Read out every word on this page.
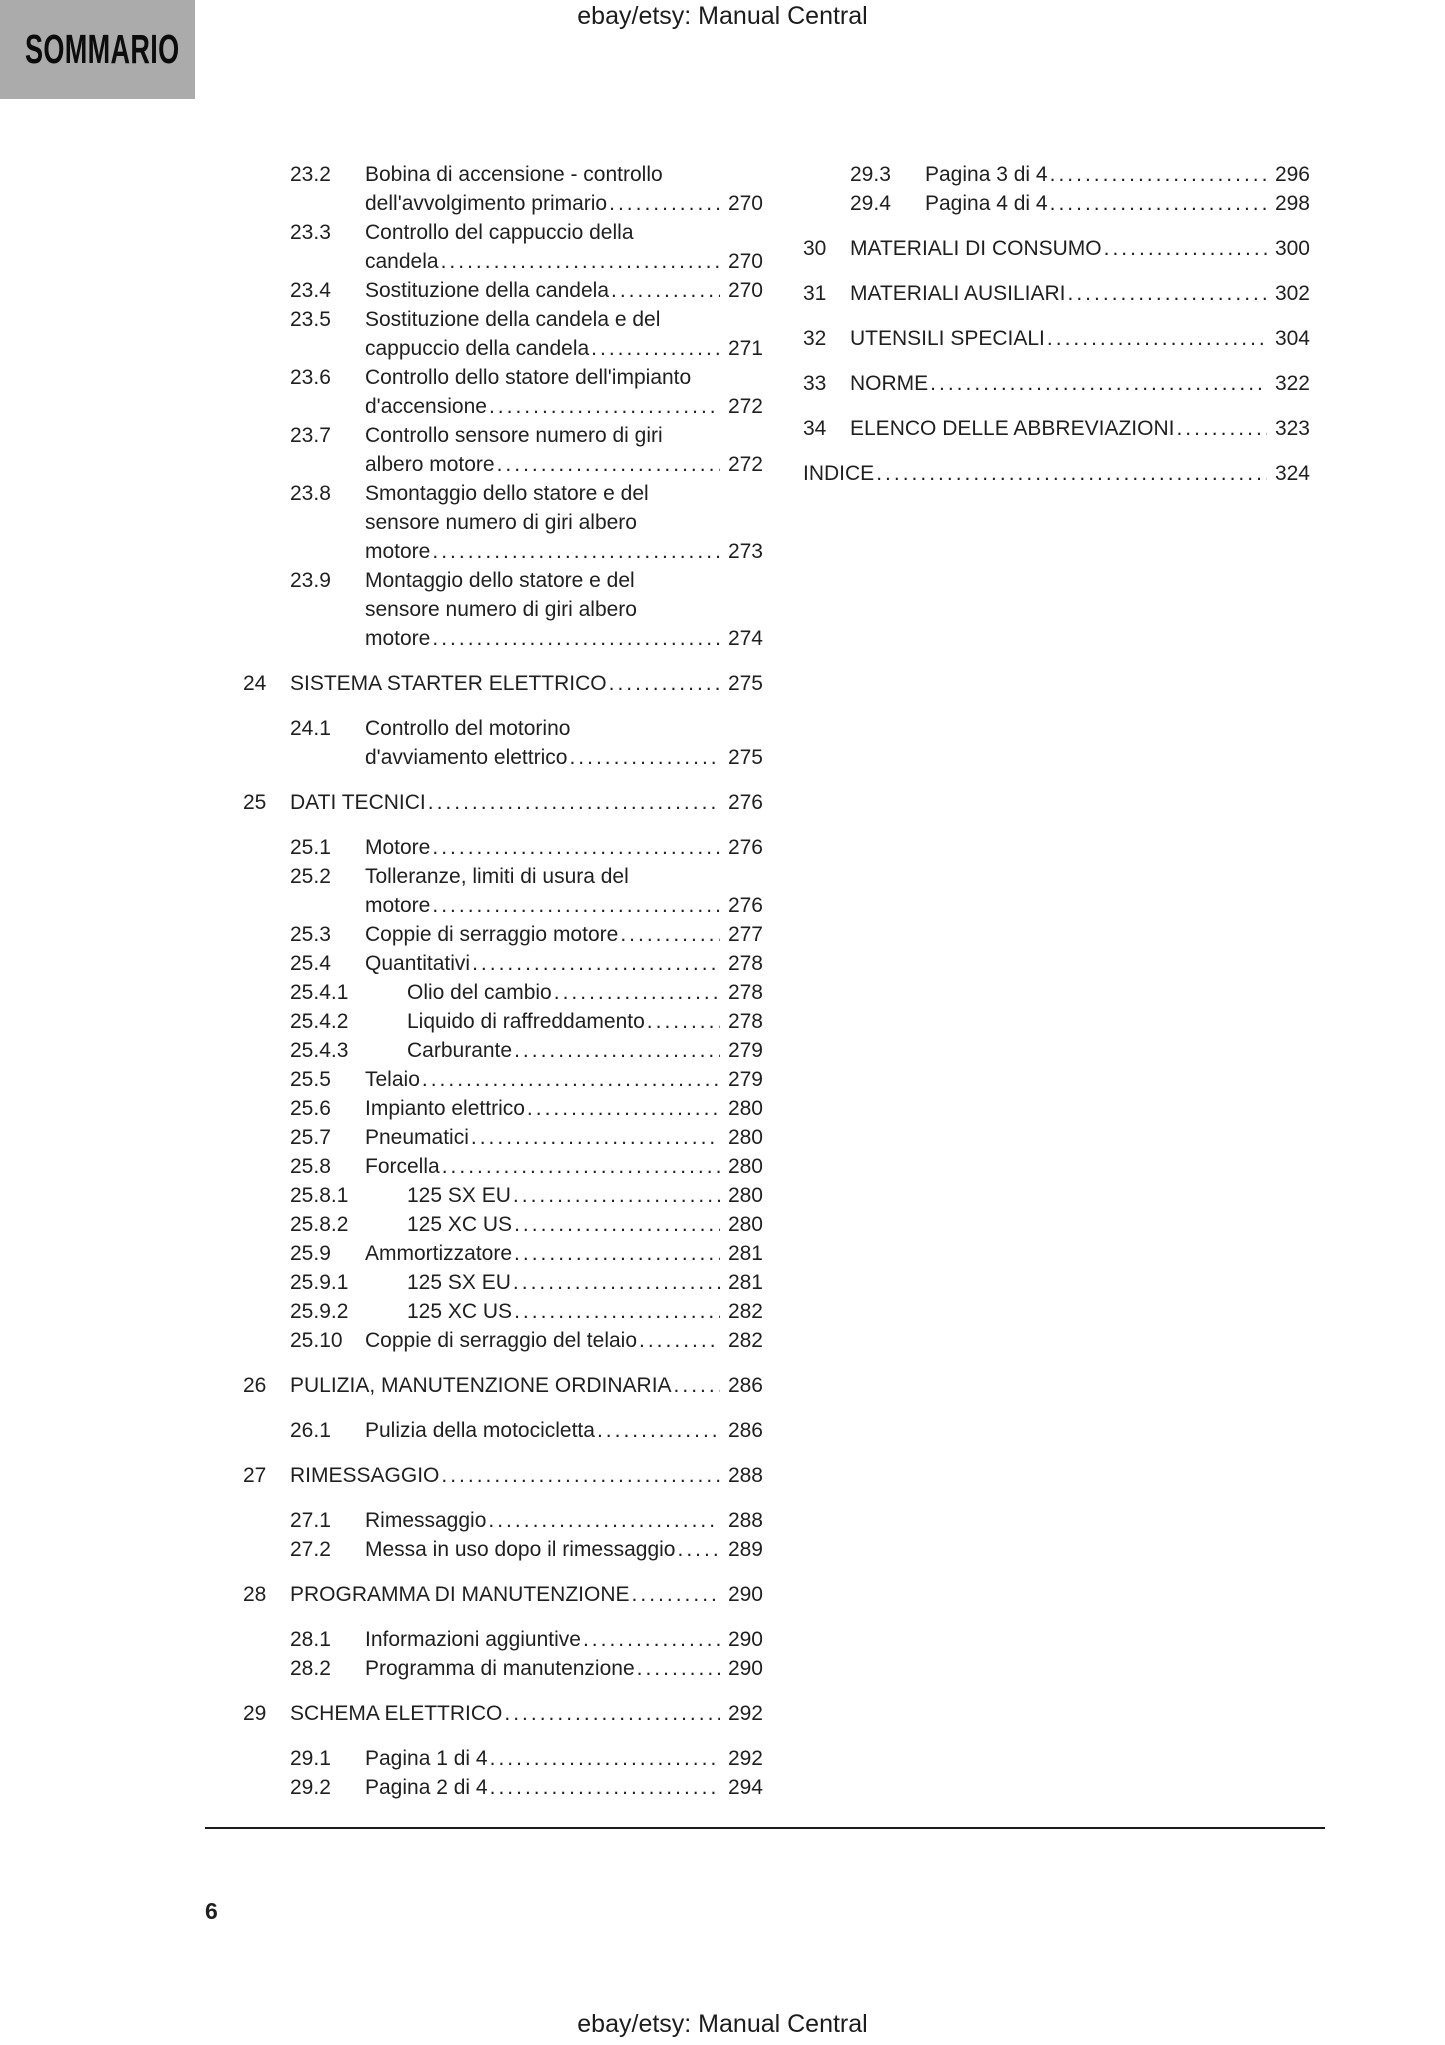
ebay/etsy: Manual Central
SOMMARIO
23.2	Bobina di accensione - controllo
dell'avvolgimento primario .....	270
23.3	Controllo del cappuccio della
candela .....	270
23.4	Sostituzione della candela .....	270
23.5	Sostituzione della candela e del
cappuccio della candela .....	271
23.6	Controllo dello statore dell'impianto
d'accensione .....	272
23.7	Controllo sensore numero di giri
albero motore .....	272
23.8	Smontaggio dello statore e del
sensore numero di giri albero
motore .....	273
23.9	Montaggio dello statore e del
sensore numero di giri albero
motore .....	274
24	SISTEMA STARTER ELETTRICO .....	275
24.1	Controllo del motorino
d'avviamento elettrico .....	275
25	DATI TECNICI .....	276
25.1	Motore .....	276
25.2	Tolleranze, limiti di usura del
motore .....	276
25.3	Coppie di serraggio motore .....	277
25.4	Quantitativi .....	278
25.4.1	Olio del cambio .....	278
25.4.2	Liquido di raffreddamento .....	278
25.4.3	Carburante .....	279
25.5	Telaio .....	279
25.6	Impianto elettrico .....	280
25.7	Pneumatici .....	280
25.8	Forcella .....	280
25.8.1	125 SX EU .....	280
25.8.2	125 XC US .....	280
25.9	Ammortizzatore .....	281
25.9.1	125 SX EU .....	281
25.9.2	125 XC US .....	282
25.10	Coppie di serraggio del telaio .....	282
26	PULIZIA, MANUTENZIONE ORDINARIA .....	286
26.1	Pulizia della motocicletta .....	286
27	RIMESSAGGIO .....	288
27.1	Rimessaggio .....	288
27.2	Messa in uso dopo il rimessaggio ..... 289
28	PROGRAMMA DI MANUTENZIONE .....	290
28.1	Informazioni aggiuntive .....	290
28.2	Programma di manutenzione .....	290
29	SCHEMA ELETTRICO .....	292
29.1	Pagina 1 di 4 .....	292
29.2	Pagina 2 di 4 .....	294
29.3	Pagina 3 di 4 .....	296
29.4	Pagina 4 di 4 .....	298
30	MATERIALI DI CONSUMO .....	300
31	MATERIALI AUSILIARI .....	302
32	UTENSILI SPECIALI .....	304
33	NORME .....	322
34	ELENCO DELLE ABBREVIAZIONI .....	323
INDICE .....	324
6
ebay/etsy: Manual Central
